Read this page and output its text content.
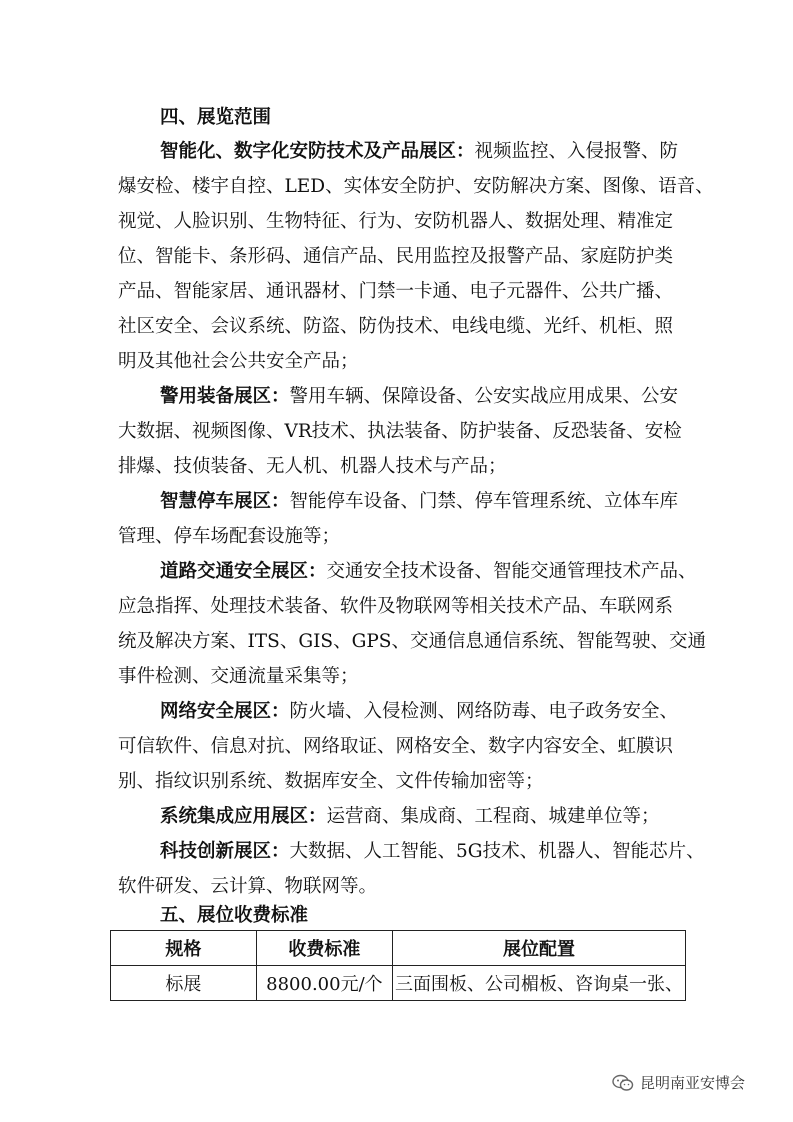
四、展览范围
智能化、数字化安防技术及产品展区：视频监控、入侵报警、防
爆安检、楼宇自控、LED、实体安全防护、安防解决方案、图像、语音、
视觉、人脸识别、生物特征、行为、安防机器人、数据处理、精准定
位、智能卡、条形码、通信产品、民用监控及报警产品、家庭防护类
产品、智能家居、通讯器材、门禁一卡通、电子元器件、公共广播、
社区安全、会议系统、防盗、防伪技术、电线电缆、光纤、机柜、照
明及其他社会公共安全产品；
警用装备展区：警用车辆、保障设备、公安实战应用成果、公安
大数据、视频图像、VR技术、执法装备、防护装备、反恐装备、安检
排爆、技侦装备、无人机、机器人技术与产品；
智慧停车展区：智能停车设备、门禁、停车管理系统、立体车库
管理、停车场配套设施等；
道路交通安全展区：交通安全技术设备、智能交通管理技术产品、
应急指挥、处理技术装备、软件及物联网等相关技术产品、车联网系
统及解决方案、ITS、GIS、GPS、交通信息通信系统、智能驾驶、交通
事件检测、交通流量采集等；
网络安全展区：防火墙、入侵检测、网络防毒、电子政务安全、
可信软件、信息对抗、网络取证、网格安全、数字内容安全、虹膜识
别、指纹识别系统、数据库安全、文件传输加密等；
系统集成应用展区：运营商、集成商、工程商、城建单位等；
科技创新展区：大数据、人工智能、5G技术、机器人、智能芯片、
软件研发、云计算、物联网等。
五、展位收费标准
规格	收费标准	展位配置
标展	8800.00元/个	三面围板、公司楣板、咨询桌一张、
昆明南亚安博会
